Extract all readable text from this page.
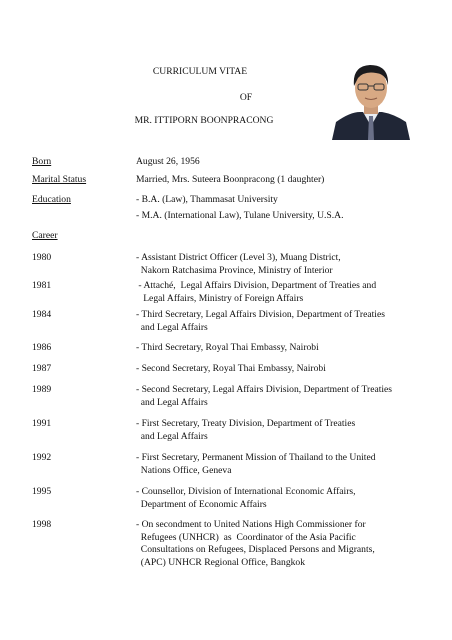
CURRICULUM VITAE
OF
MR. ITTIPORN BOONPRACONG
Born	August 26, 1956
Marital Status	Married, Mrs. Suteera Boonpracong (1 daughter)
Education	- B.A. (Law), Thammasat University
- M.A. (International Law), Tulane University, U.S.A.
Career
1980	- Assistant District Officer (Level 3), Muang District,
Nakorn Ratchasima Province, Ministry of Interior
1981	- Attaché,  Legal Affairs Division, Department of Treaties and
Legal Affairs, Ministry of Foreign Affairs
1984	- Third Secretary, Legal Affairs Division, Department of Treaties
and Legal Affairs
1986	- Third Secretary, Royal Thai Embassy, Nairobi
1987	- Second Secretary, Royal Thai Embassy, Nairobi
1989	- Second Secretary, Legal Affairs Division, Department of Treaties
and Legal Affairs
1991	- First Secretary, Treaty Division, Department of Treaties
and Legal Affairs
1992	- First Secretary, Permanent Mission of Thailand to the United
Nations Office, Geneva
1995	- Counsellor, Division of International Economic Affairs,
Department of Economic Affairs
1998	- On secondment to United Nations High Commissioner for
Refugees (UNHCR)  as  Coordinator of the Asia Pacific
Consultations on Refugees, Displaced Persons and Migrants,
(APC) UNHCR Regional Office, Bangkok
